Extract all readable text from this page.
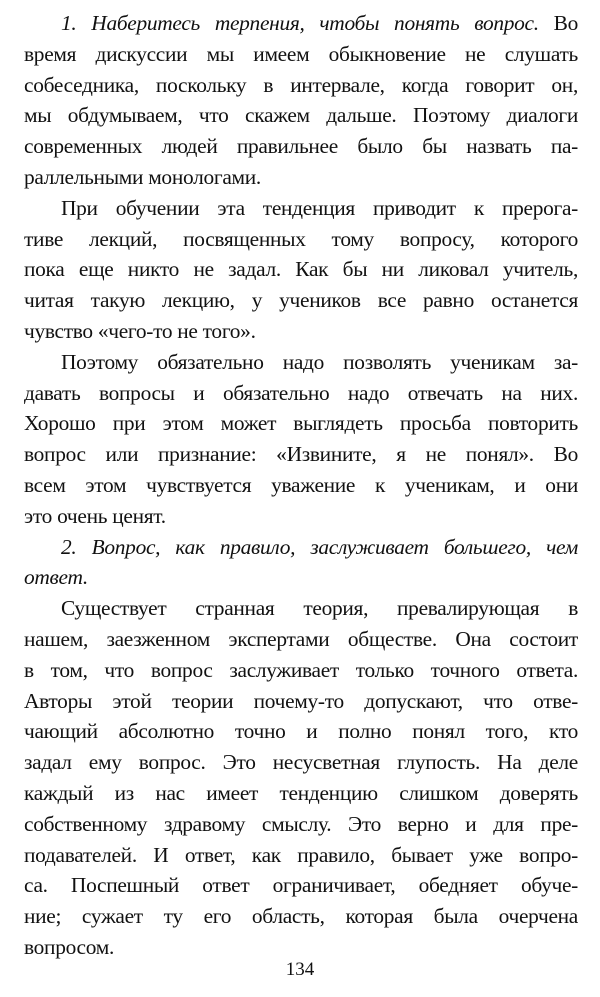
1. Наберитесь терпения, чтобы понять вопрос. Во
время дискуссии мы имеем обыкновение не слушать
собеседника, поскольку в интервале, когда говорит он,
мы обдумываем, что скажем дальше. Поэтому диалоги
современных людей правильнее было бы назвать па-
раллельными монологами.
При обучении эта тенденция приводит к прерога-
тиве лекций, посвященных тому вопросу, которого
пока еще никто не задал. Как бы ни ликовал учитель,
читая такую лекцию, у учеников все равно останется
чувство «чего-то не того».
Поэтому обязательно надо позволять ученикам за-
давать вопросы и обязательно надо отвечать на них.
Хорошо при этом может выглядеть просьба повторить
вопрос или признание: «Извините, я не понял». Во
всем этом чувствуется уважение к ученикам, и они
это очень ценят.
2. Вопрос, как правило, заслуживает большего, чем
ответ.
Существует странная теория, превалирующая в
нашем, заезженном экспертами обществе. Она состоит
в том, что вопрос заслуживает только точного ответа.
Авторы этой теории почему-то допускают, что отве-
чающий абсолютно точно и полно понял того, кто
задал ему вопрос. Это несусветная глупость. На деле
каждый из нас имеет тенденцию слишком доверять
собственному здравому смыслу. Это верно и для пре-
подавателей. И ответ, как правило, бывает уже вопро-
са. Поспешный ответ ограничивает, обедняет обуче-
ние; сужает ту его область, которая была очерчена
вопросом.
134
